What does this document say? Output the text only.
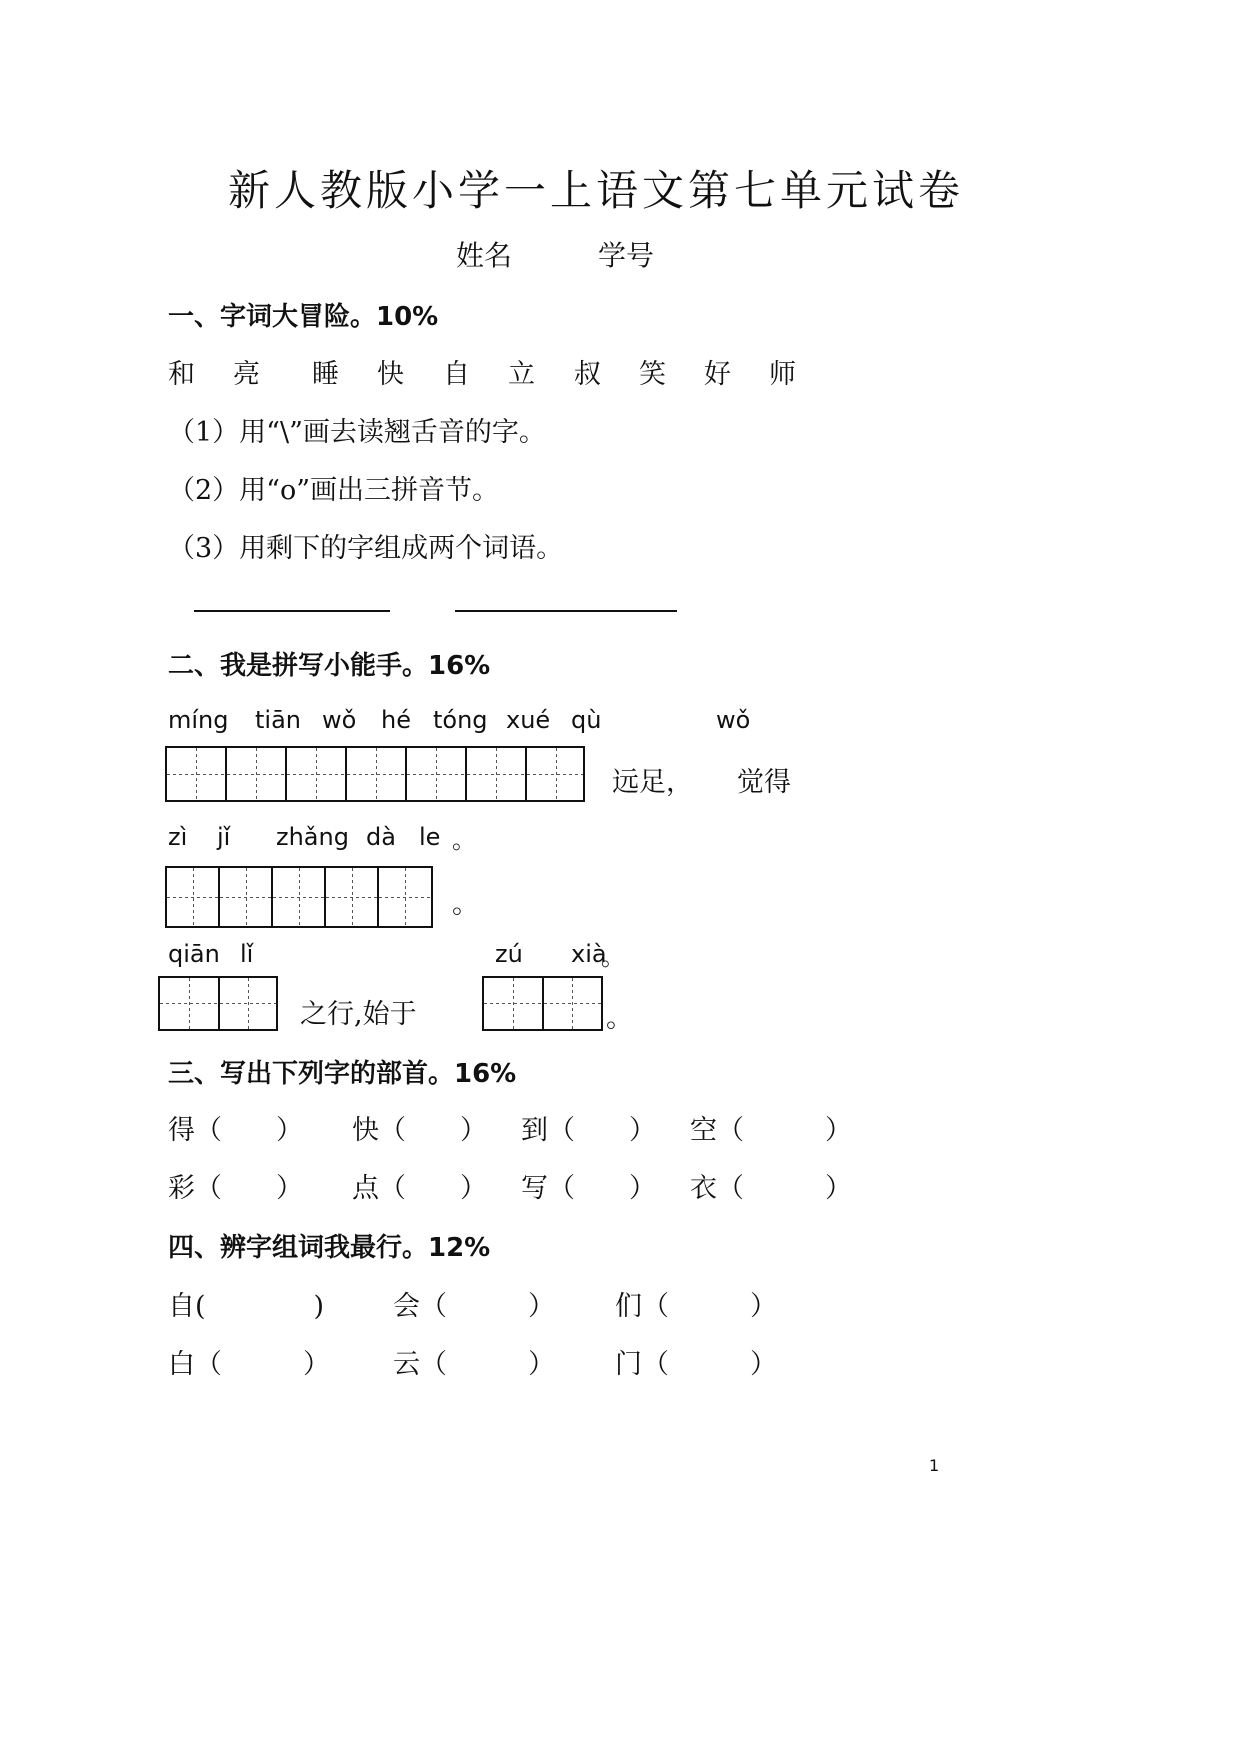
新人教版小学一上语文第七单元试卷
姓名	学号
一、字词大冒险。10%
和 亮 睡 快 自 立 叔 笑 好 师
（1）用“\”画去读翘舌音的字。
（2）用“o”画出三拼音节。
（3）用剩下的字组成两个词语。
二、我是拼写小能手。16%
míng tiān wǒ hé tóng xué qù	wǒ
远足， 觉得
zì jǐ zhǎng dà le 。
。
qiān lǐ	zú xià
。
之行,始于	。
三、写出下列字的部首。16%
得（　　） 快（　　） 到（　　） 空（　　　）
彩（　　） 点（　　） 写（　　） 衣（　　　）
四、辨字组词我最行。12%
自(　　　　)	会（　　　） 们（　　　）
白（　　　） 云（　　　） 门（　　　）
1
